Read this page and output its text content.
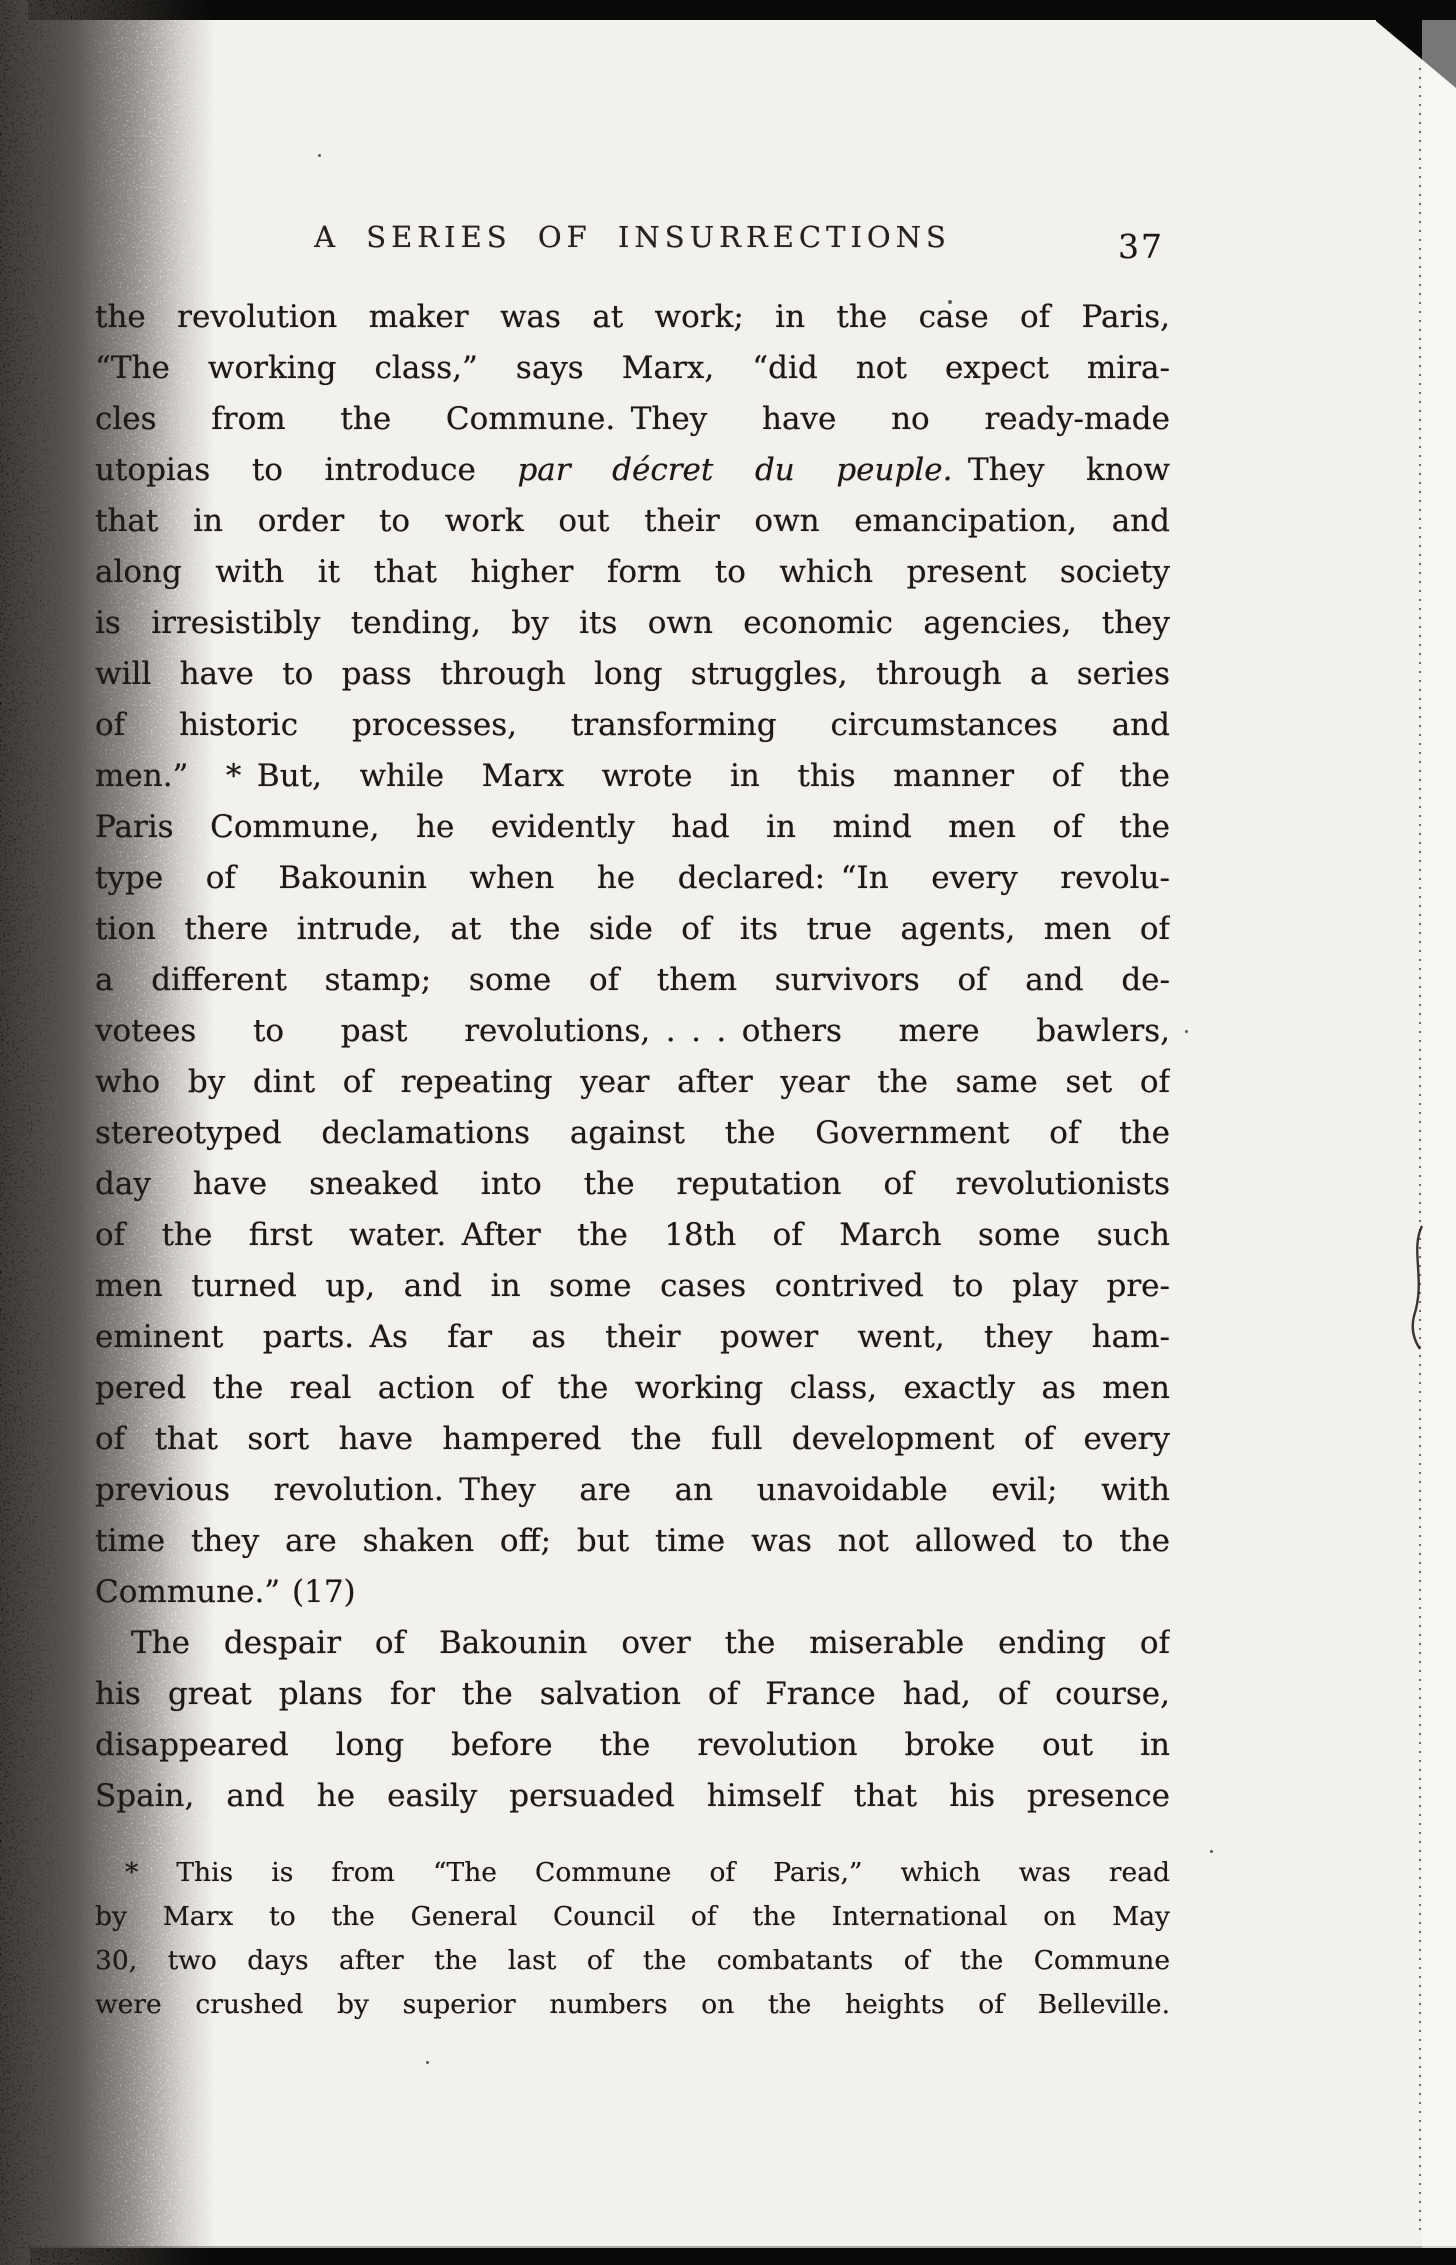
A SERIES OF INSURRECTIONS	37
the revolution maker was at work; in the case of Paris,
“The working class,” says Marx, “did not expect mira-
cles from the Commune. They have no ready-made
utopias to introduce par décret du peuple. They know
that in order to work out their own emancipation, and
along with it that higher form to which present society
is irresistibly tending, by its own economic agencies, they
will have to pass through long struggles, through a series
of historic processes, transforming circumstances and
men.” * But, while Marx wrote in this manner of the
Paris Commune, he evidently had in mind men of the
type of Bakounin when he declared: “In every revolu-
tion there intrude, at the side of its true agents, men of
a different stamp; some of them survivors of and de-
votees to past revolutions, . . . others mere bawlers,
who by dint of repeating year after year the same set of
stereotyped declamations against the Government of the
day have sneaked into the reputation of revolutionists
of the first water. After the 18th of March some such
men turned up, and in some cases contrived to play pre-
eminent parts. As far as their power went, they ham-
pered the real action of the working class, exactly as men
of that sort have hampered the full development of every
previous revolution. They are an unavoidable evil; with
time they are shaken off; but time was not allowed to the
Commune.” (17)
The despair of Bakounin over the miserable ending of
his great plans for the salvation of France had, of course,
disappeared long before the revolution broke out in
Spain, and he easily persuaded himself that his presence
* This is from “The Commune of Paris,” which was read
by Marx to the General Council of the International on May
30, two days after the last of the combatants of the Commune
were crushed by superior numbers on the heights of Belleville.
